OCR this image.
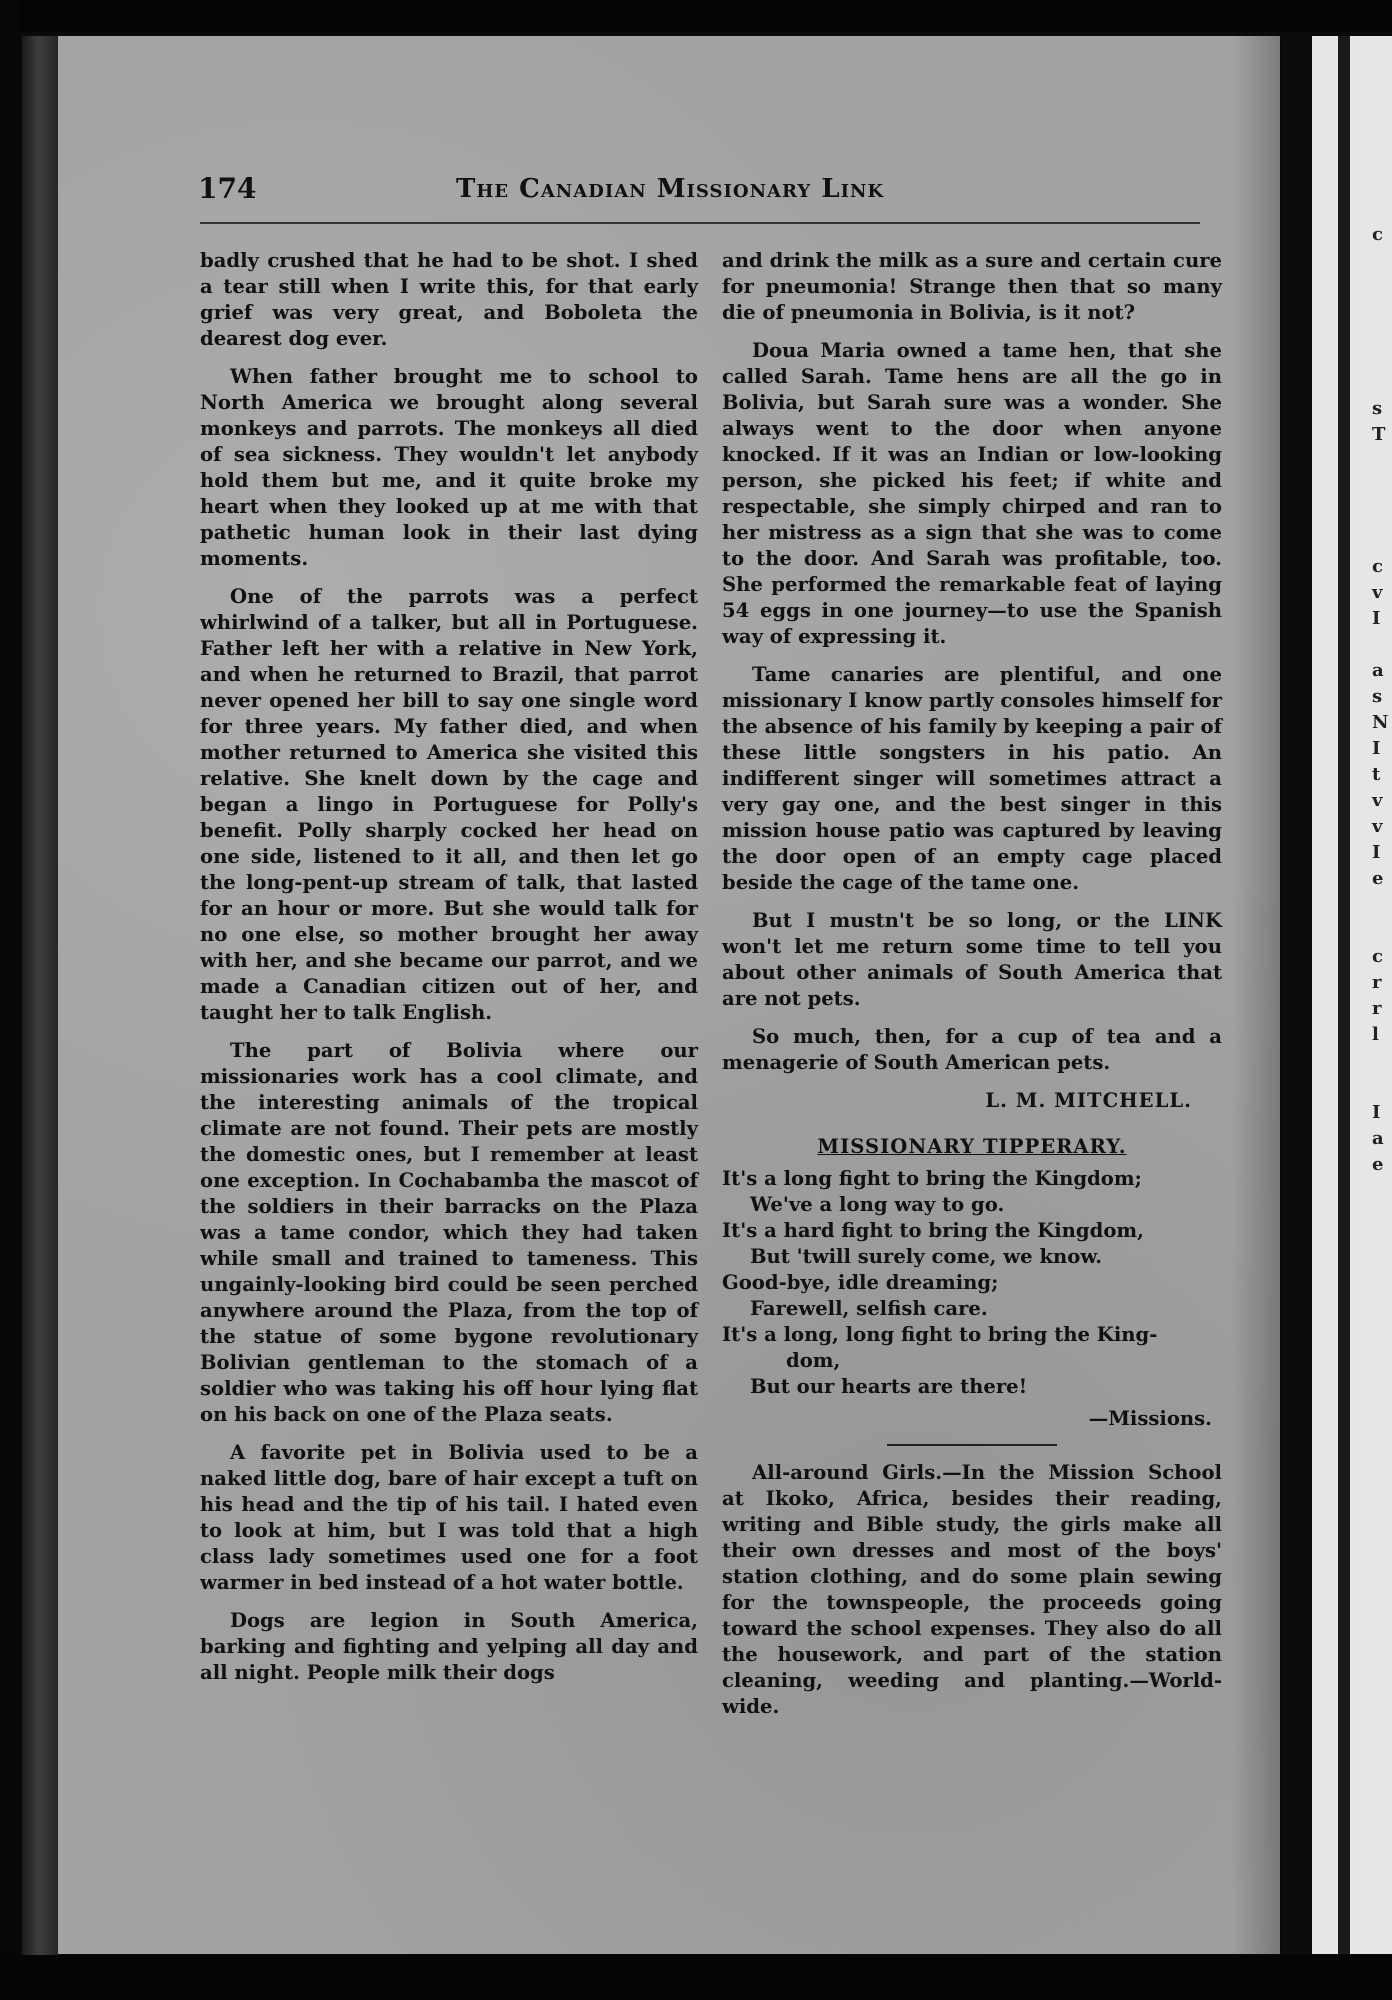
c
s
T
c
v
I
a
s
N
I
t
v
v
I
e
c
r
r
l
I
a
e
174	The Canadian Missionary Link

badly crushed that he had to be shot. I shed a tear still when I write this, for that early grief was very great, and Boboleta the dearest dog ever.

When father brought me to school to North America we brought along several monkeys and parrots. The monkeys all died of sea sickness. They wouldn't let anybody hold them but me, and it quite broke my heart when they looked up at me with that pathetic human look in their last dying moments.

One of the parrots was a perfect whirlwind of a talker, but all in Portuguese. Father left her with a relative in New York, and when he returned to Brazil, that parrot never opened her bill to say one single word for three years. My father died, and when mother returned to America she visited this relative. She knelt down by the cage and began a lingo in Portuguese for Polly's benefit. Polly sharply cocked her head on one side, listened to it all, and then let go the long-pent-up stream of talk, that lasted for an hour or more. But she would talk for no one else, so mother brought her away with her, and she became our parrot, and we made a Canadian citizen out of her, and taught her to talk English.

The part of Bolivia where our missionaries work has a cool climate, and the interesting animals of the tropical climate are not found. Their pets are mostly the domestic ones, but I remember at least one exception. In Cochabamba the mascot of the soldiers in their barracks on the Plaza was a tame condor, which they had taken while small and trained to tameness. This ungainly-looking bird could be seen perched anywhere around the Plaza, from the top of the statue of some bygone revolutionary Bolivian gentleman to the stomach of a soldier who was taking his off hour lying flat on his back on one of the Plaza seats.

A favorite pet in Bolivia used to be a naked little dog, bare of hair except a tuft on his head and the tip of his tail. I hated even to look at him, but I was told that a high class lady sometimes used one for a foot warmer in bed instead of a hot water bottle.

Dogs are legion in South America, barking and fighting and yelping all day and all night. People milk their dogs

and drink the milk as a sure and certain cure for pneumonia! Strange then that so many die of pneumonia in Bolivia, is it not?

Doua Maria owned a tame hen, that she called Sarah. Tame hens are all the go in Bolivia, but Sarah sure was a wonder. She always went to the door when anyone knocked. If it was an Indian or low-looking person, she picked his feet; if white and respectable, she simply chirped and ran to her mistress as a sign that she was to come to the door. And Sarah was profitable, too. She performed the remarkable feat of laying 54 eggs in one journey—to use the Spanish way of expressing it.

Tame canaries are plentiful, and one missionary I know partly consoles himself for the absence of his family by keeping a pair of these little songsters in his patio. An indifferent singer will sometimes attract a very gay one, and the best singer in this mission house patio was captured by leaving the door open of an empty cage placed beside the cage of the tame one.

But I mustn't be so long, or the LINK won't let me return some time to tell you about other animals of South America that are not pets.

So much, then, for a cup of tea and a menagerie of South American pets.

L. M. MITCHELL.
MISSIONARY TIPPERARY.
It's a long fight to bring the Kingdom;
We've a long way to go.
It's a hard fight to bring the Kingdom,
But 'twill surely come, we know.
Good-bye, idle dreaming;
Farewell, selfish care.
It's a long, long fight to bring the King-
dom,
But our hearts are there!
—Missions.

All-around Girls.—In the Mission School at Ikoko, Africa, besides their reading, writing and Bible study, the girls make all their own dresses and most of the boys' station clothing, and do some plain sewing for the townspeople, the proceeds going toward the school expenses. They also do all the housework, and part of the station cleaning, weeding and planting.—World-wide.
